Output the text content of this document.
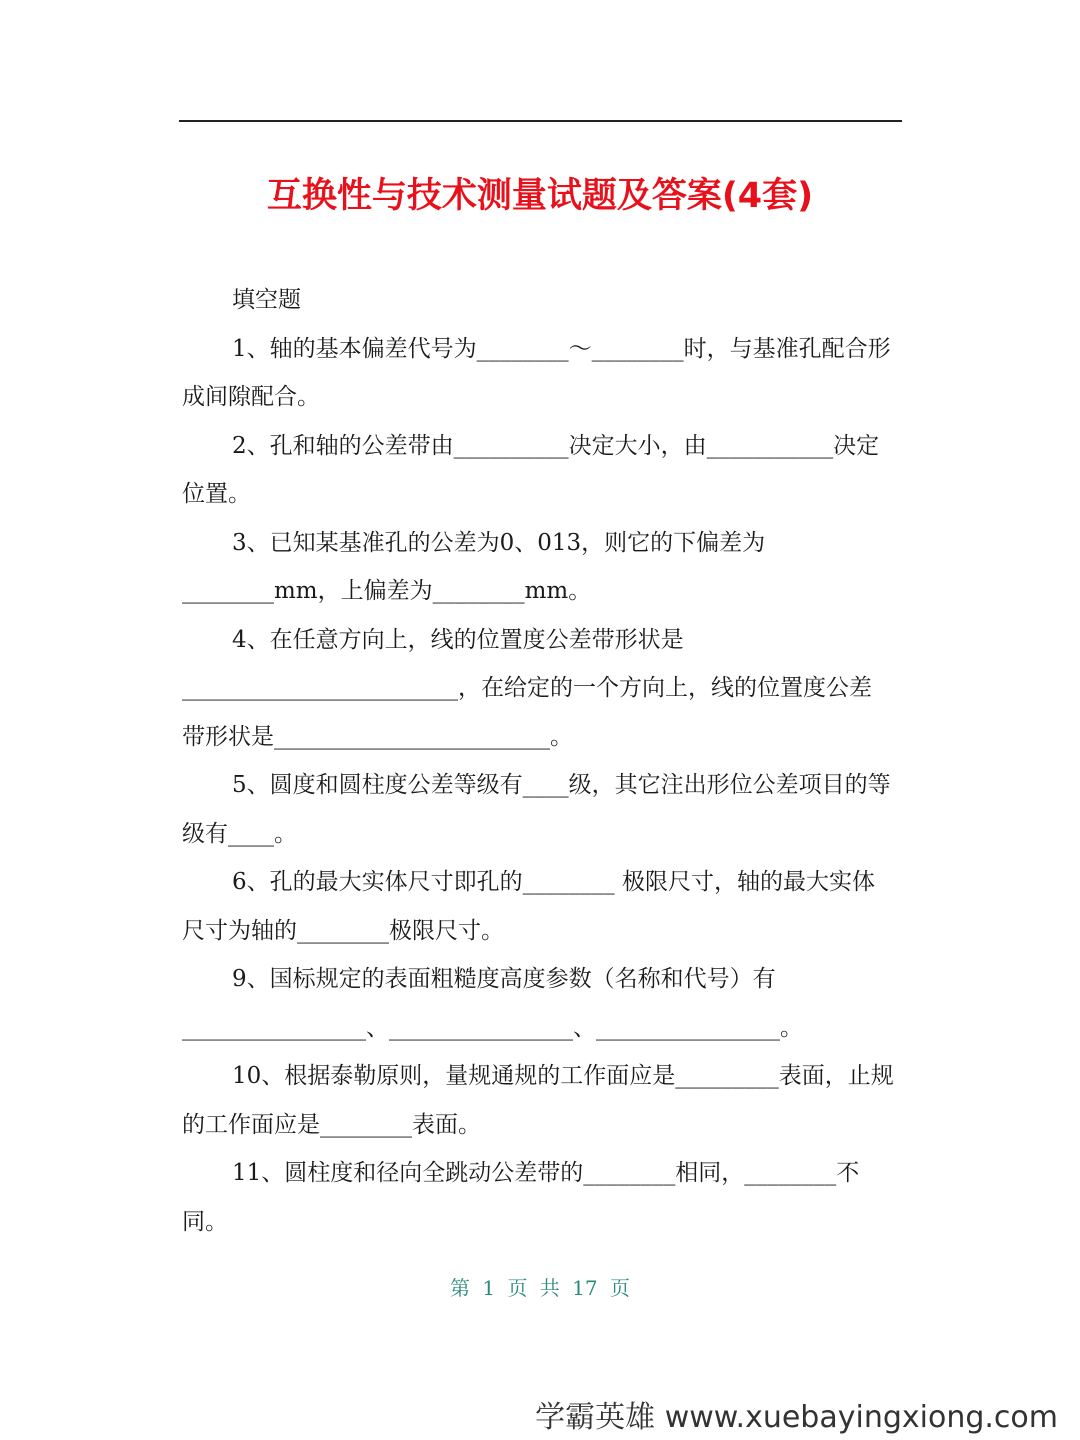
互换性与技术测量试题及答案(4套)

填空题

1、轴的基本偏差代号为________～________时，与基准孔配合形成间隙配合。

2、孔和轴的公差带由__________决定大小，由___________决定位置。

3、已知某基准孔的公差为0、013，则它的下偏差为________mm，上偏差为________mm。

4、在任意方向上，线的位置度公差带形状是________________________，在给定的一个方向上，线的位置度公差带形状是________________________。

5、圆度和圆柱度公差等级有____级，其它注出形位公差项目的等级有____。

6、孔的最大实体尺寸即孔的________ 极限尺寸，轴的最大实体尺寸为轴的________极限尺寸。

9、国标规定的表面粗糙度高度参数（名称和代号）有________________、________________、________________。

10、根据泰勒原则，量规通规的工作面应是_________表面，止规的工作面应是________表面。

11、圆柱度和径向全跳动公差带的________相同，________不同。

第 1 页 共 17 页
学霸英雄 www.xuebayingxiong.com
